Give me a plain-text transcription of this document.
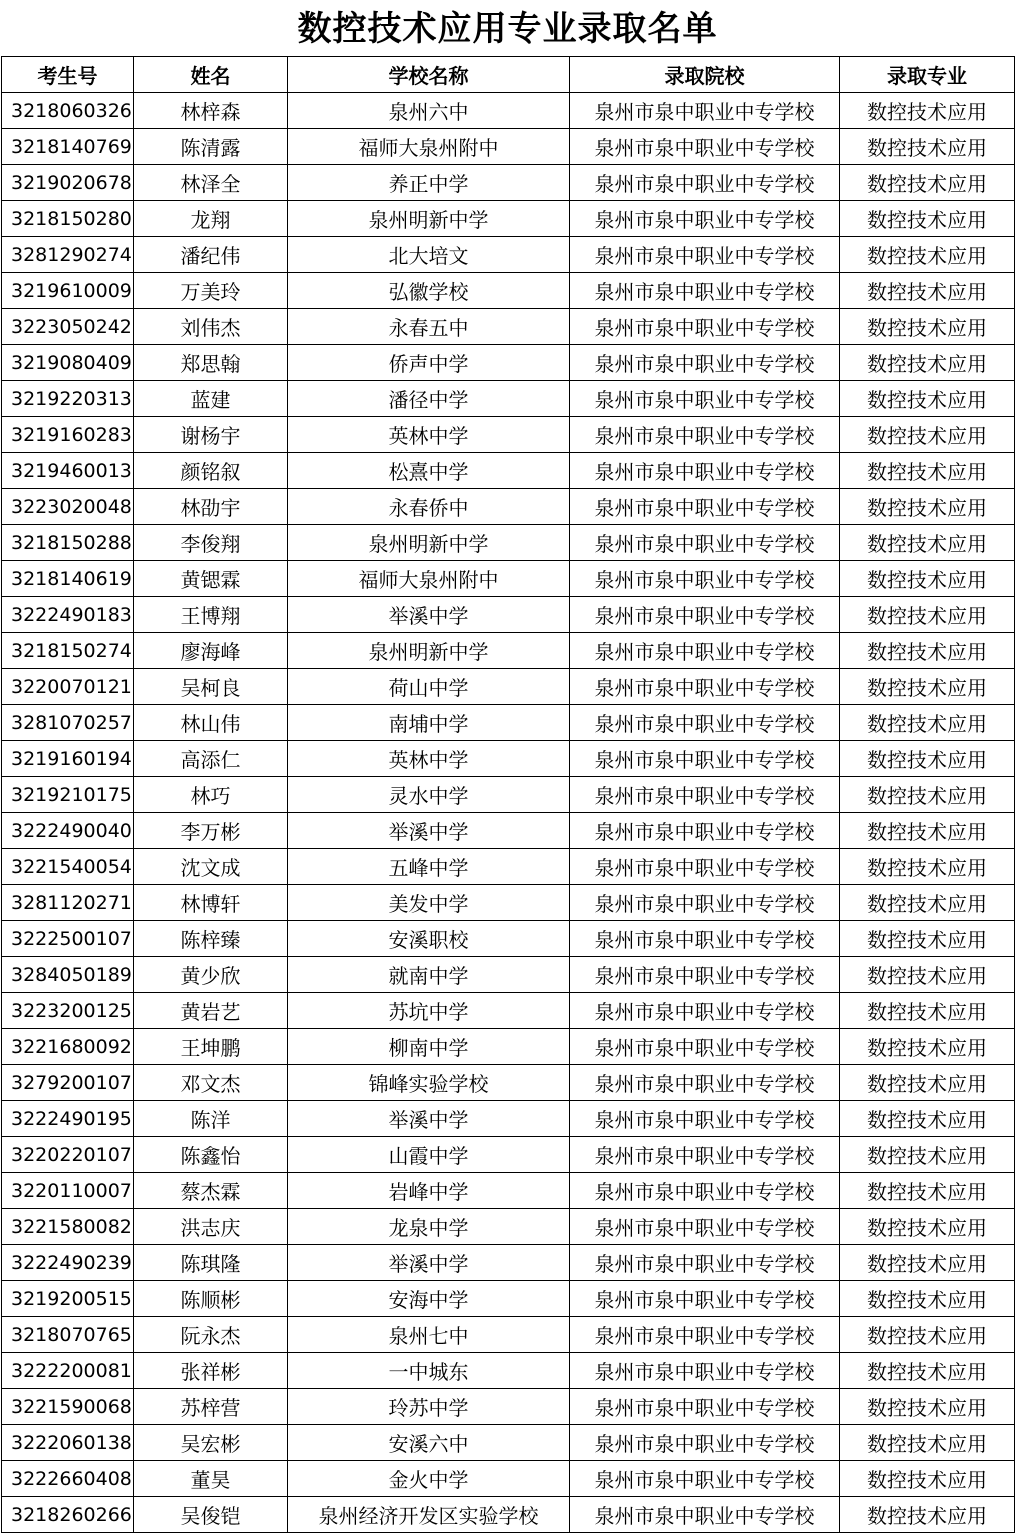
数控技术应用专业录取名单
考生号	姓名	学校名称	录取院校	录取专业
3218060326	林梓森	泉州六中	泉州市泉中职业中专学校	数控技术应用
3218140769	陈清露	福师大泉州附中	泉州市泉中职业中专学校	数控技术应用
3219020678	林泽全	养正中学	泉州市泉中职业中专学校	数控技术应用
3218150280	龙翔	泉州明新中学	泉州市泉中职业中专学校	数控技术应用
3281290274	潘纪伟	北大培文	泉州市泉中职业中专学校	数控技术应用
3219610009	万美玲	弘徽学校	泉州市泉中职业中专学校	数控技术应用
3223050242	刘伟杰	永春五中	泉州市泉中职业中专学校	数控技术应用
3219080409	郑思翰	侨声中学	泉州市泉中职业中专学校	数控技术应用
3219220313	蓝建	潘径中学	泉州市泉中职业中专学校	数控技术应用
3219160283	谢杨宇	英林中学	泉州市泉中职业中专学校	数控技术应用
3219460013	颜铭叙	松熹中学	泉州市泉中职业中专学校	数控技术应用
3223020048	林劭宇	永春侨中	泉州市泉中职业中专学校	数控技术应用
3218150288	李俊翔	泉州明新中学	泉州市泉中职业中专学校	数控技术应用
3218140619	黄锶霖	福师大泉州附中	泉州市泉中职业中专学校	数控技术应用
3222490183	王博翔	举溪中学	泉州市泉中职业中专学校	数控技术应用
3218150274	廖海峰	泉州明新中学	泉州市泉中职业中专学校	数控技术应用
3220070121	吴柯良	荷山中学	泉州市泉中职业中专学校	数控技术应用
3281070257	林山伟	南埔中学	泉州市泉中职业中专学校	数控技术应用
3219160194	高添仁	英林中学	泉州市泉中职业中专学校	数控技术应用
3219210175	林巧	灵水中学	泉州市泉中职业中专学校	数控技术应用
3222490040	李万彬	举溪中学	泉州市泉中职业中专学校	数控技术应用
3221540054	沈文成	五峰中学	泉州市泉中职业中专学校	数控技术应用
3281120271	林博轩	美发中学	泉州市泉中职业中专学校	数控技术应用
3222500107	陈梓臻	安溪职校	泉州市泉中职业中专学校	数控技术应用
3284050189	黄少欣	就南中学	泉州市泉中职业中专学校	数控技术应用
3223200125	黄岩艺	苏坑中学	泉州市泉中职业中专学校	数控技术应用
3221680092	王坤鹏	柳南中学	泉州市泉中职业中专学校	数控技术应用
3279200107	邓文杰	锦峰实验学校	泉州市泉中职业中专学校	数控技术应用
3222490195	陈洋	举溪中学	泉州市泉中职业中专学校	数控技术应用
3220220107	陈鑫怡	山霞中学	泉州市泉中职业中专学校	数控技术应用
3220110007	蔡杰霖	岩峰中学	泉州市泉中职业中专学校	数控技术应用
3221580082	洪志庆	龙泉中学	泉州市泉中职业中专学校	数控技术应用
3222490239	陈琪隆	举溪中学	泉州市泉中职业中专学校	数控技术应用
3219200515	陈顺彬	安海中学	泉州市泉中职业中专学校	数控技术应用
3218070765	阮永杰	泉州七中	泉州市泉中职业中专学校	数控技术应用
3222200081	张祥彬	一中城东	泉州市泉中职业中专学校	数控技术应用
3221590068	苏梓营	玲苏中学	泉州市泉中职业中专学校	数控技术应用
3222060138	吴宏彬	安溪六中	泉州市泉中职业中专学校	数控技术应用
3222660408	董昊	金火中学	泉州市泉中职业中专学校	数控技术应用
3218260266	吴俊铠	泉州经济开发区实验学校	泉州市泉中职业中专学校	数控技术应用
